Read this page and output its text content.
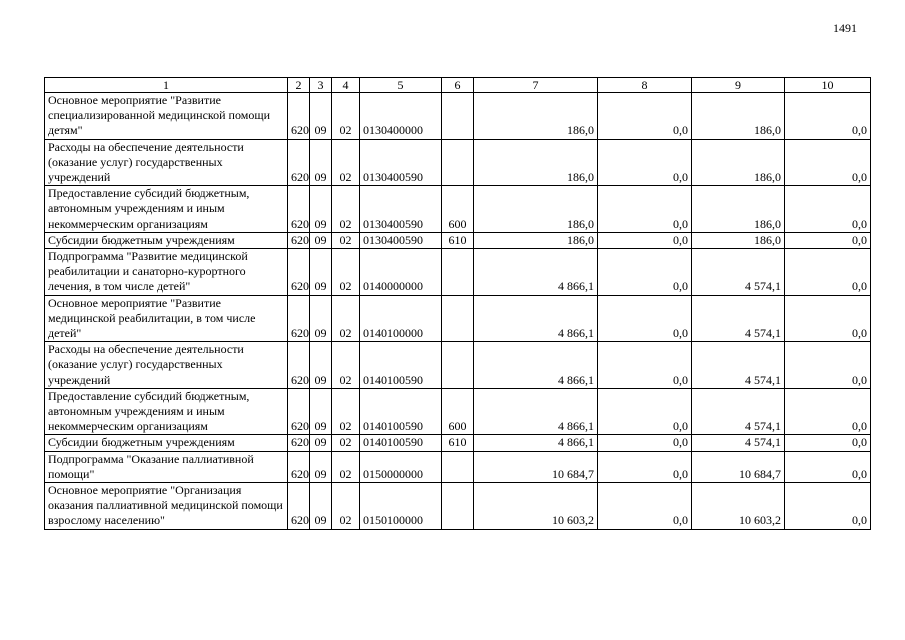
1491
1	2	3	4	5	6	7	8	9	10
Основное мероприятие "Развитие специализированной медицинской помощи детям"	620	09	02	0130400000		186,0	0,0	186,0	0,0
Расходы на обеспечение деятельности (оказание услуг) государственных учреждений	620	09	02	0130400590		186,0	0,0	186,0	0,0
Предоставление субсидий бюджетным, автономным учреждениям и иным некоммерческим организациям	620	09	02	0130400590	600	186,0	0,0	186,0	0,0
Субсидии бюджетным учреждениям	620	09	02	0130400590	610	186,0	0,0	186,0	0,0
Подпрограмма "Развитие медицинской реабилитации и санаторно-курортного лечения, в том числе детей"	620	09	02	0140000000		4 866,1	0,0	4 574,1	0,0
Основное мероприятие "Развитие медицинской реабилитации, в том числе детей"	620	09	02	0140100000		4 866,1	0,0	4 574,1	0,0
Расходы на обеспечение деятельности (оказание услуг) государственных учреждений	620	09	02	0140100590		4 866,1	0,0	4 574,1	0,0
Предоставление субсидий бюджетным, автономным учреждениям и иным некоммерческим организациям	620	09	02	0140100590	600	4 866,1	0,0	4 574,1	0,0
Субсидии бюджетным учреждениям	620	09	02	0140100590	610	4 866,1	0,0	4 574,1	0,0
Подпрограмма "Оказание паллиативной помощи"	620	09	02	0150000000		10 684,7	0,0	10 684,7	0,0
Основное мероприятие "Организация оказания паллиативной медицинской помощи взрослому населению"	620	09	02	0150100000		10 603,2	0,0	10 603,2	0,0
